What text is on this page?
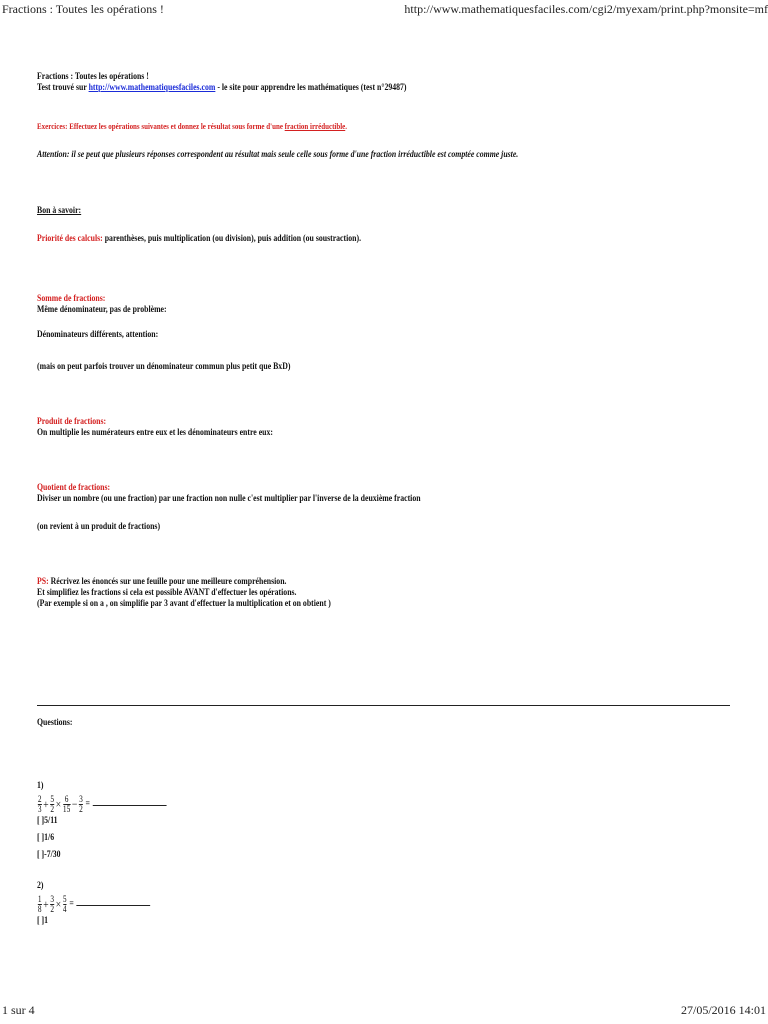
Fractions : Toutes les opérations !	http://www.mathematiquesfaciles.com/cgi2/myexam/print.php?monsite=mf
1 sur 4	27/05/2016 14:01
Fractions : Toutes les opérations !
Test trouvé sur http://www.mathematiquesfaciles.com - le site pour apprendre les mathématiques (test n°29487)
Exercices: Effectuez les opérations suivantes et donnez le résultat sous forme d'une fraction irréductible.
Attention: il se peut que plusieurs réponses correspondent au résultat mais seule celle sous forme d'une fraction irréductible est comptée comme juste.
Bon à savoir:
Priorité des calculs: parenthèses, puis multiplication (ou division), puis addition (ou soustraction).
Somme de fractions:
Même dénominateur, pas de problème:
Dénominateurs différents, attention:
(mais on peut parfois trouver un dénominateur commun plus petit que BxD)
Produit de fractions:
On multiplie les numérateurs entre eux et les dénominateurs entre eux:
Quotient de fractions:
Diviser un nombre (ou une fraction) par une fraction non nulle c'est multiplier par l'inverse de la deuxième fraction
(on revient à un produit de fractions)
PS: Récrivez les énoncés sur une feuille pour une meilleure compréhension.
Et simplifiez les fractions si cela est possible AVANT d'effectuer les opérations.
(Par exemple si on a , on simplifie par 3 avant d'effectuer la multiplication et on obtient )
Questions:
1)
$\frac{2}{3} + \frac{5}{2} \times \frac{6}{15} - \frac{3}{2}$ =
[ ]5/11
[ ]1/6
[ ]-7/30
2)
$\frac{1}{8} + \frac{3}{2} \times \frac{5}{4}$ =
[ ]1
